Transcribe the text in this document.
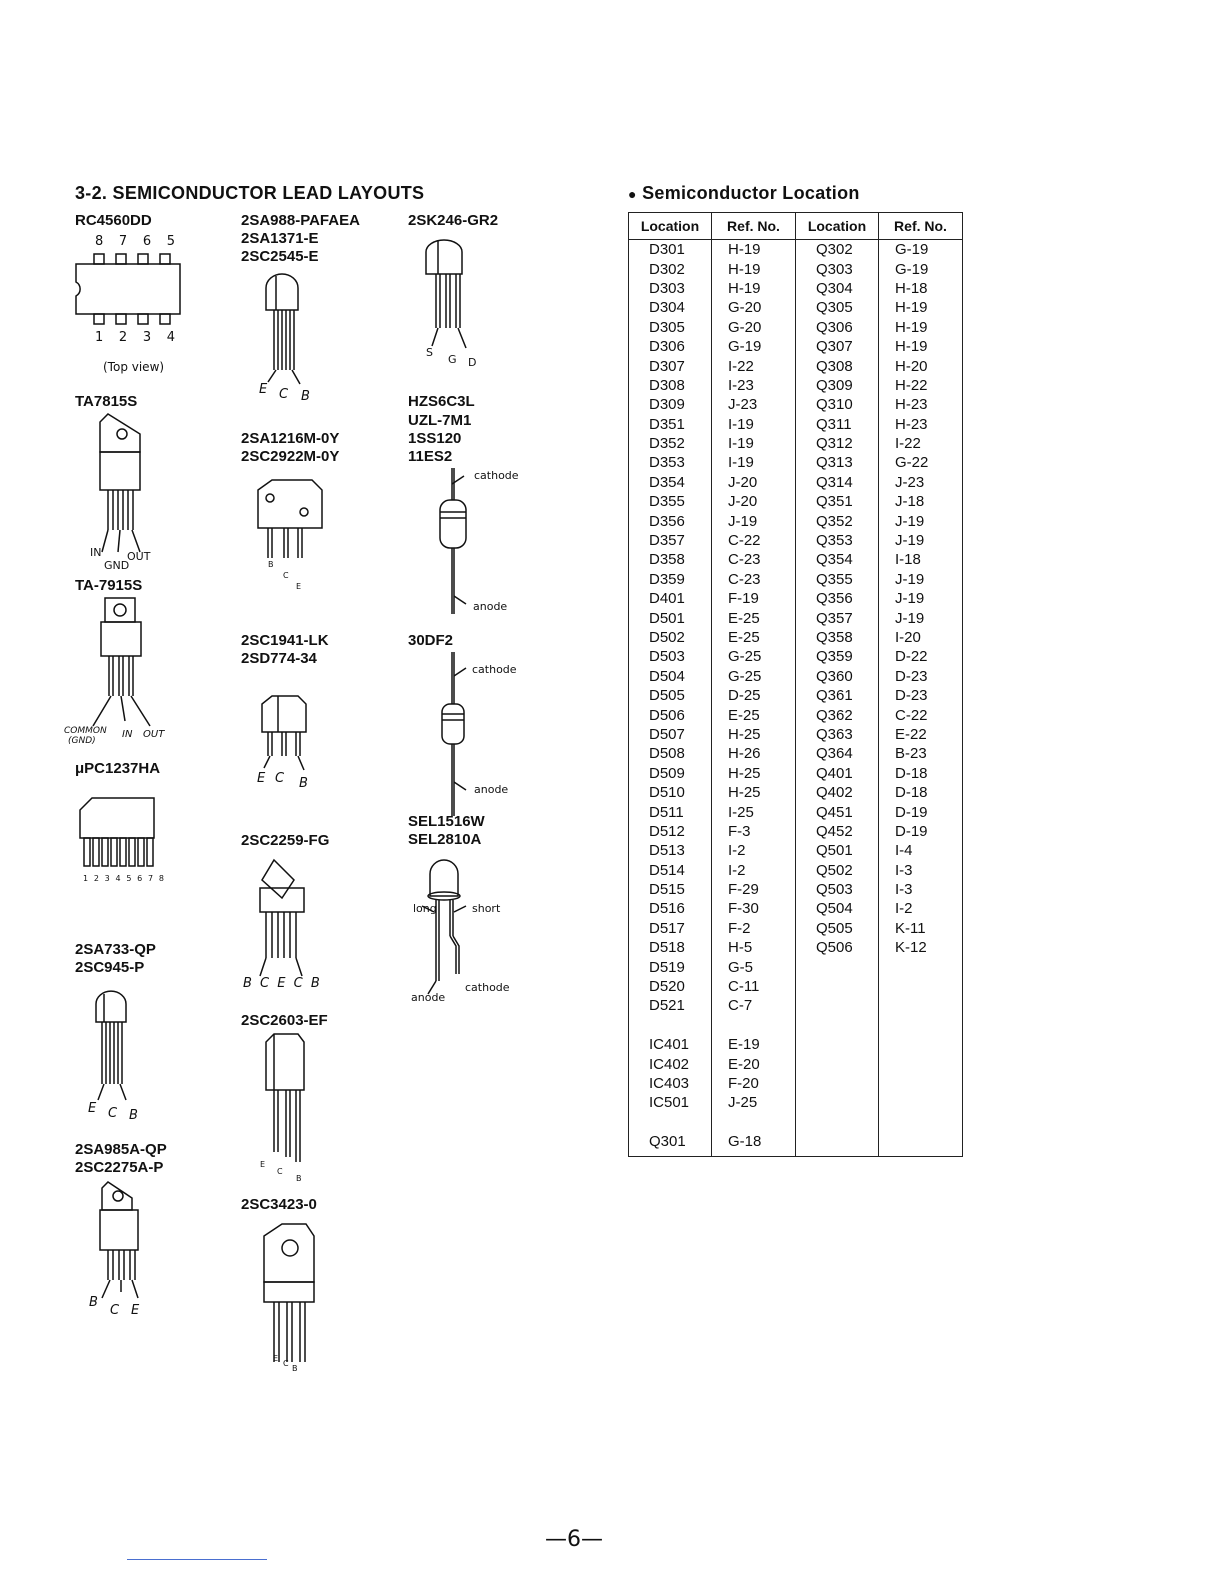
3-2. SEMICONDUCTOR LEAD LAYOUTS	● Semiconductor Location
RC4560DD
8 7 6 5
1 2 3 4
(Top view)
TA7815S
IN
GND
OUT
TA-7915S
COMMON
(GND)
IN OUT
μPC1237HA
1 2 3 4 5 6 7 8
2SA733-QP
2SC945-P
E C B
2SA985A-QP
2SC2275A-P
B
C E
2SA988-PAFAEA
2SA1371-E
2SC2545-E
E C B
2SA1216M-0Y
2SC2922M-0Y
B
C
E
2SC1941-LK
2SD774-34
E C B
2SC2259-FG
B C E C B
2SC2603-EF
E
C
B
2SC3423-0
E
C
B
2SK246-GR2
S
G D
HZS6C3L
UZL-7M1
1SS120
11ES2
cathode
anode
30DF2
cathode
anode
SEL1516W
SEL2810A
long	short
cathode
anode
Location	Ref. No.	Location	Ref. No.
D301	H-19	Q302	G-19
D302	H-19	Q303	G-19
D303	H-19	Q304	H-18
D304	G-20	Q305	H-19
D305	G-20	Q306	H-19
D306	G-19	Q307	H-19
D307	I-22	Q308	H-20
D308	I-23	Q309	H-22
D309	J-23	Q310	H-23
D351	I-19	Q311	H-23
D352	I-19	Q312	I-22
D353	I-19	Q313	G-22
D354	J-20	Q314	J-23
D355	J-20	Q351	J-18
D356	J-19	Q352	J-19
D357	C-22	Q353	J-19
D358	C-23	Q354	I-18
D359	C-23	Q355	J-19
D401	F-19	Q356	J-19
D501	E-25	Q357	J-19
D502	E-25	Q358	I-20
D503	G-25	Q359	D-22
D504	G-25	Q360	D-23
D505	D-25	Q361	D-23
D506	E-25	Q362	C-22
D507	H-25	Q363	E-22
D508	H-26	Q364	B-23
D509	H-25	Q401	D-18
D510	H-25	Q402	D-18
D511	I-25	Q451	D-19
D512	F-3	Q452	D-19
D513	I-2	Q501	I-4
D514	I-2	Q502	I-3
D515	F-29	Q503	I-3
D516	F-30	Q504	I-2
D517	F-2	Q505	K-11
D518	H-5	Q506	K-12
D519	G-5		
D520	C-11		
D521	C-7		

IC401	E-19		
IC402	E-20		
IC403	F-20		
IC501	J-25		

Q301	G-18		
—6—
